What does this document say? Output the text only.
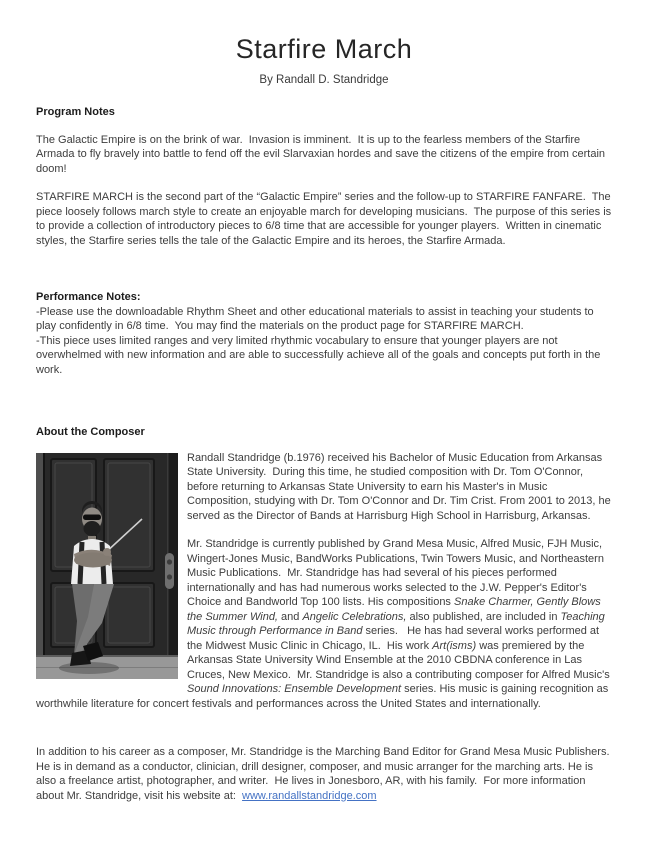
Starfire March
By Randall D. Standridge
Program Notes

The Galactic Empire is on the brink of war.  Invasion is imminent.  It is up to the fearless members of the Starfire Armada to fly bravely into battle to fend off the evil Slarvaxian hordes and save the citizens of the empire from certain doom!

STARFIRE MARCH is the second part of the “Galactic Empire” series and the follow-up to STARFIRE FANFARE.  The piece loosely follows march style to create an enjoyable march for developing musicians.  The purpose of this series is to provide a collection of introductory pieces to 6/8 time that are accessible for younger players.  Written in cinematic styles, the Starfire series tells the tale of the Galactic Empire and its heroes, the Starfire Armada.

Performance Notes:

-Please use the downloadable Rhythm Sheet and other educational materials to assist in teaching your students to play confidently in 6/8 time.  You may find the materials on the product page for STARFIRE MARCH.

-This piece uses limited ranges and very limited rhythmic vocabulary to ensure that younger players are not overwhelmed with new information and are able to successfully achieve all of the goals and concepts put forth in the work.

About the Composer

Randall Standridge (b.1976) received his Bachelor of Music Education from Arkansas State University.  During this time, he studied composition with Dr. Tom O'Connor, before returning to Arkansas State University to earn his Master's in Music Composition, studying with Dr. Tom O'Connor and Dr. Tim Crist. From 2001 to 2013, he served as the Director of Bands at Harrisburg High School in Harrisburg, Arkansas.

Mr. Standridge is currently published by Grand Mesa Music, Alfred Music, FJH Music, Wingert-Jones Music, BandWorks Publications, Twin Towers Music, and Northeastern Music Publications.  Mr. Standridge has had several of his pieces performed internationally and has had numerous works selected to the J.W. Pepper's Editor's Choice and Bandworld Top 100 lists. His compositions Snake Charmer, Gently Blows the Summer Wind, and Angelic Celebrations, also published, are included in Teaching Music through Performance in Band series.   He has had several works performed at the Midwest Music Clinic in Chicago, IL.  His work Art(isms) was premiered by the Arkansas State University Wind Ensemble at the 2010 CBDNA conference in Las Cruces, New Mexico.  Mr. Standridge is also a contributing composer for Alfred Music's Sound Innovations: Ensemble Development series. His music is gaining recognition as worthwhile literature for concert festivals and performances across the United States and internationally.

In addition to his career as a composer, Mr. Standridge is the Marching Band Editor for Grand Mesa Music Publishers. He is in demand as a conductor, clinician, drill designer, composer, and music arranger for the marching arts. He is also a freelance artist, photographer, and writer.  He lives in Jonesboro, AR, with his family.  For more information about Mr. Standridge, visit his website at:  www.randallstandridge.com
